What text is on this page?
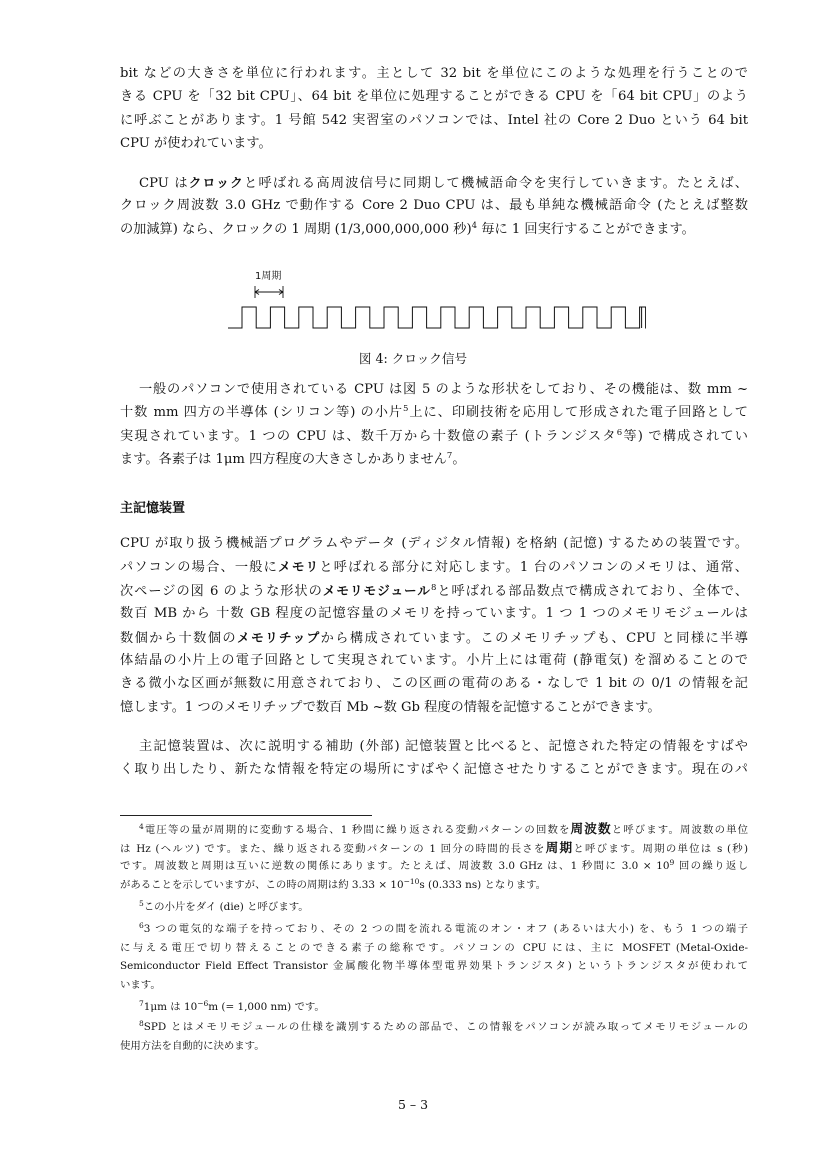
bit などの大きさを単位に行われます。主として 32 bit を単位にこのような処理を行うことので
きる CPU を「32 bit CPU」、64 bit を単位に処理することができる CPU を「64 bit CPU」のよう
に呼ぶことがあります。1 号館 542 実習室のパソコンでは、Intel 社の Core 2 Duo という 64 bit
CPU が使われています。
CPU はクロックと呼ばれる高周波信号に同期して機械語命令を実行していきます。たとえば、
クロック周波数 3.0 GHz で動作する Core 2 Duo CPU は、最も単純な機械語命令 (たとえば整数
の加減算) なら、クロックの 1 周期 (1/3,000,000,000 秒)$^4$ 毎に 1 回実行することができます。
1周期

図 4: クロック信号

一般のパソコンで使用されている CPU は図 5 のような形状をしており、その機能は、数 mm ~
十数 mm 四方の半導体 (シリコン等) の小片$^5$上に、印刷技術を応用して形成された電子回路として
実現されています。1 つの CPU は、数千万から十数億の素子 (トランジスタ$^6$等) で構成されてい
ます。各素子は 1μm 四方程度の大きさしかありません$^7$。
主記憶装置
CPU が取り扱う機械語プログラムやデータ (ディジタル情報) を格納 (記憶) するための装置です。
パソコンの場合、一般にメモリと呼ばれる部分に対応します。1 台のパソコンのメモリは、通常、
次ページの図 6 のような形状のメモリモジュール$^8$と呼ばれる部品数点で構成されており、全体で、
数百 MB から 十数 GB 程度の記憶容量のメモリを持っています。1 つ 1 つのメモリモジュールは
数個から十数個のメモリチップから構成されています。このメモリチップも、CPU と同様に半導
体結晶の小片上の電子回路として実現されています。小片上には電荷 (静電気) を溜めることので
きる微小な区画が無数に用意されており、この区画の電荷のある・なしで 1 bit の 0/1 の情報を記
憶します。1 つのメモリチップで数百 Mb ~数 Gb 程度の情報を記憶することができます。
主記憶装置は、次に説明する補助 (外部) 記憶装置と比べると、記憶された特定の情報をすばや
く取り出したり、新たな情報を特定の場所にすばやく記憶させたりすることができます。現在のパ
$^4$電圧等の量が周期的に変動する場合、1 秒間に繰り返される変動パターンの回数を周波数と呼びます。周波数の単位
は Hz (ヘルツ) です。また、繰り返される変動パターンの 1 回分の時間的長さを周期と呼びます。周期の単位は s (秒)
です。周波数と周期は互いに逆数の関係にあります。たとえば、周波数 3.0 GHz は、1 秒間に $3.0 \times 10^9$ 回の繰り返し
があることを示していますが、この時の周期は約 $3.33 \times 10^{-10}s$ (0.333 ns) となります。
$^5$この小片をダイ (die) と呼びます。
$^6$3 つの電気的な端子を持っており、その 2 つの間を流れる電流のオン・オフ (あるいは大小) を、もう 1 つの端子
に与える電圧で切り替えることのできる素子の総称です。パソコンの CPU には、主に MOSFET (Metal-Oxide-
Semiconductor Field Effect Transistor 金属酸化物半導体型電界効果トランジスタ) というトランジスタが使われて
います。
$^7$1μm は $10^{-6}m$ (= 1,000 nm) です。
$^8$SPD とはメモリモジュールの仕様を識別するための部品で、この情報をパソコンが読み取ってメモリモジュールの
使用方法を自動的に決めます。

5 – 3
